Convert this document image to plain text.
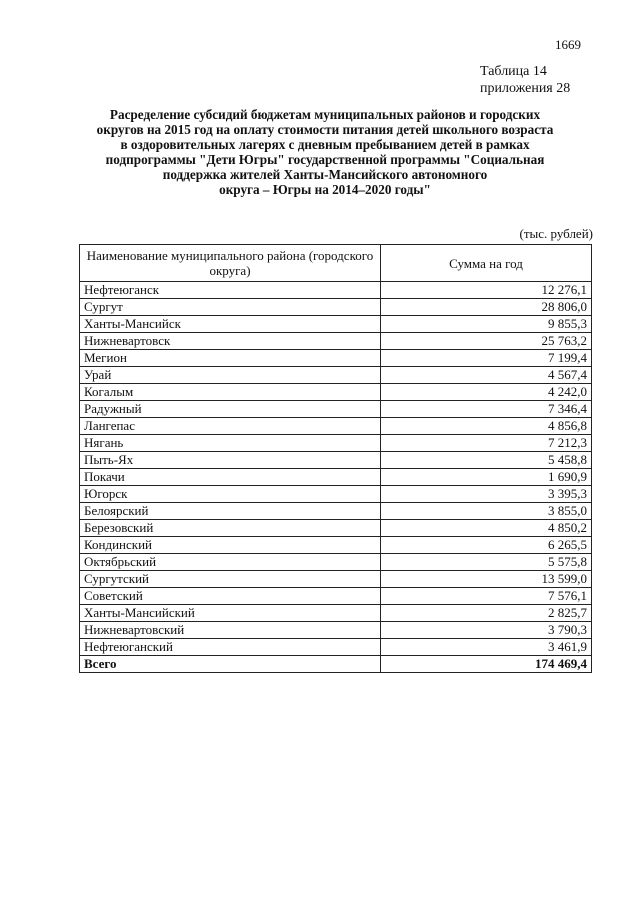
1669
Таблица 14
приложения 28
Расределение субсидий бюджетам муниципальных районов и городских
округов на 2015 год на оплату стоимости питания детей школьного возраста
в оздоровительных лагерях с дневным пребыванием детей в рамках
подпрограммы "Дети Югры" государственной программы "Социальная
поддержка жителей Ханты-Мансийского автономного
округа – Югры на 2014–2020 годы"
(тыс. рублей)
Наименование муниципального района (городского округа)	Сумма на год
Нефтеюганск	12 276,1
Сургут	28 806,0
Ханты-Мансийск	9 855,3
Нижневартовск	25 763,2
Мегион	7 199,4
Урай	4 567,4
Когалым	4 242,0
Радужный	7 346,4
Лангепас	4 856,8
Нягань	7 212,3
Пыть-Ях	5 458,8
Покачи	1 690,9
Югорск	3 395,3
Белоярский	3 855,0
Березовский	4 850,2
Кондинский	6 265,5
Октябрьский	5 575,8
Сургутский	13 599,0
Советский	7 576,1
Ханты-Мансийский	2 825,7
Нижневартовский	3 790,3
Нефтеюганский	3 461,9
Всего	174 469,4
